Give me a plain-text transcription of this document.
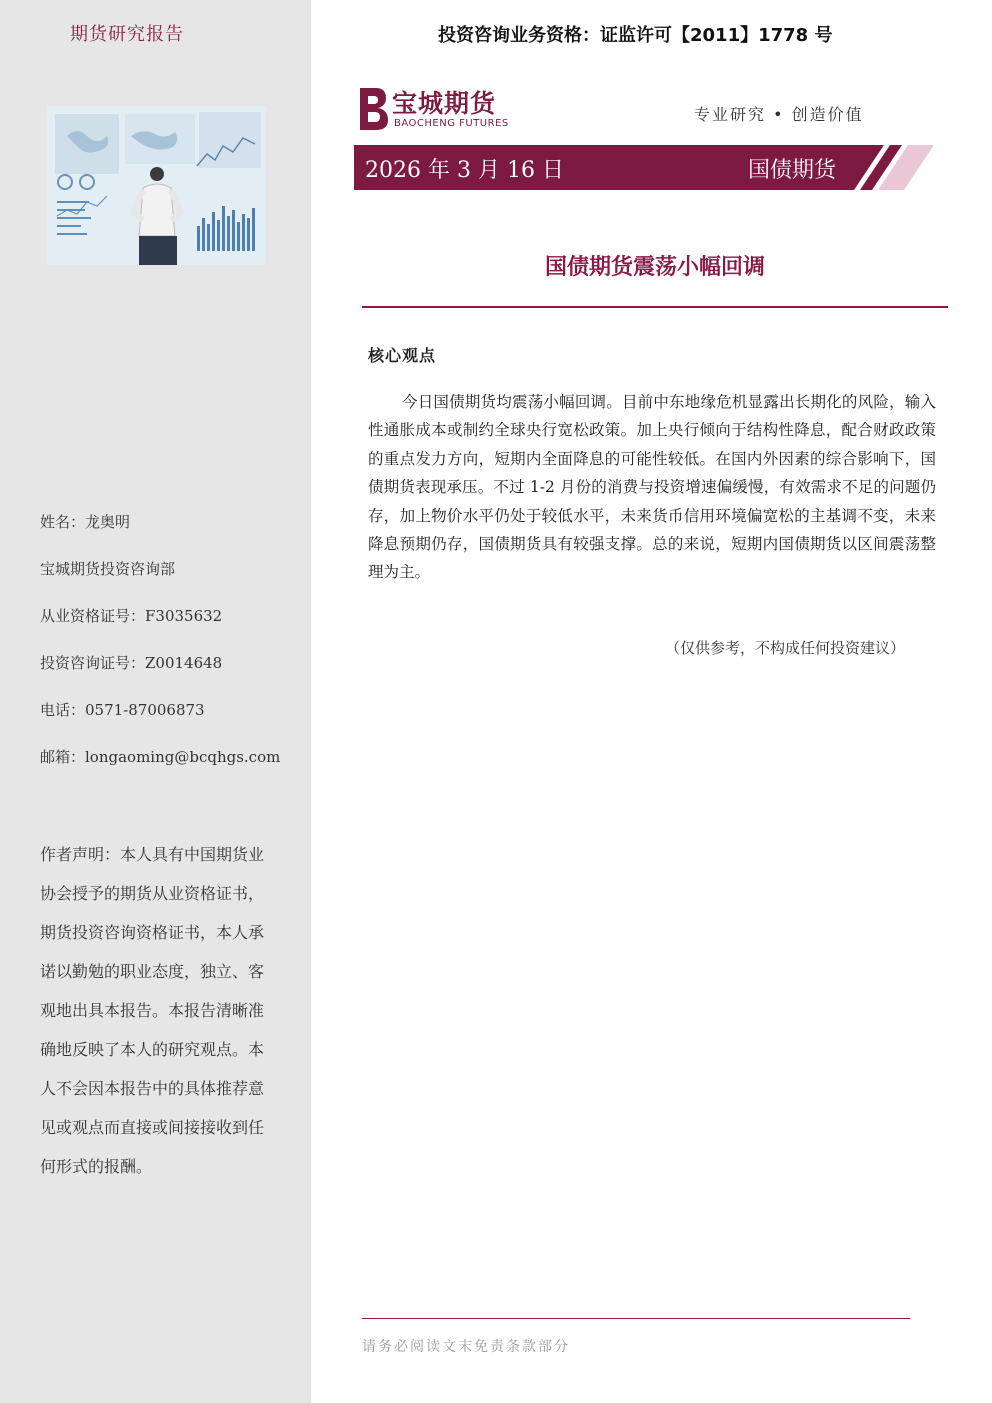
期货研究报告
姓名：龙奥明
宝城期货投资咨询部
从业资格证号：F3035632
投资咨询证号：Z0014648
电话：0571-87006873
邮箱：longaoming@bcqhgs.com
作者声明：本人具有中国期货业协会授予的期货从业资格证书，期货投资咨询资格证书，本人承诺以勤勉的职业态度，独立、客观地出具本报告。本报告清晰准确地反映了本人的研究观点。本人不会因本报告中的具体推荐意见或观点而直接或间接接收到任何形式的报酬。
投资咨询业务资格：证监许可【2011】1778 号
宝城期货
BAOCHENG FUTURES	专业研究 • 创造价值
2026 年 3 月 16 日	国债期货
国债期货震荡小幅回调
核心观点
今日国债期货均震荡小幅回调。目前中东地缘危机显露出长期化的风险，输入性通胀成本或制约全球央行宽松政策。加上央行倾向于结构性降息，配合财政政策的重点发力方向，短期内全面降息的可能性较低。在国内外因素的综合影响下，国债期货表现承压。不过 1-2 月份的消费与投资增速偏缓慢，有效需求不足的问题仍存，加上物价水平仍处于较低水平，未来货币信用环境偏宽松的主基调不变，未来降息预期仍存，国债期货具有较强支撑。总的来说，短期内国债期货以区间震荡整理为主。
（仅供参考，不构成任何投资建议）
请务必阅读文末免责条款部分
